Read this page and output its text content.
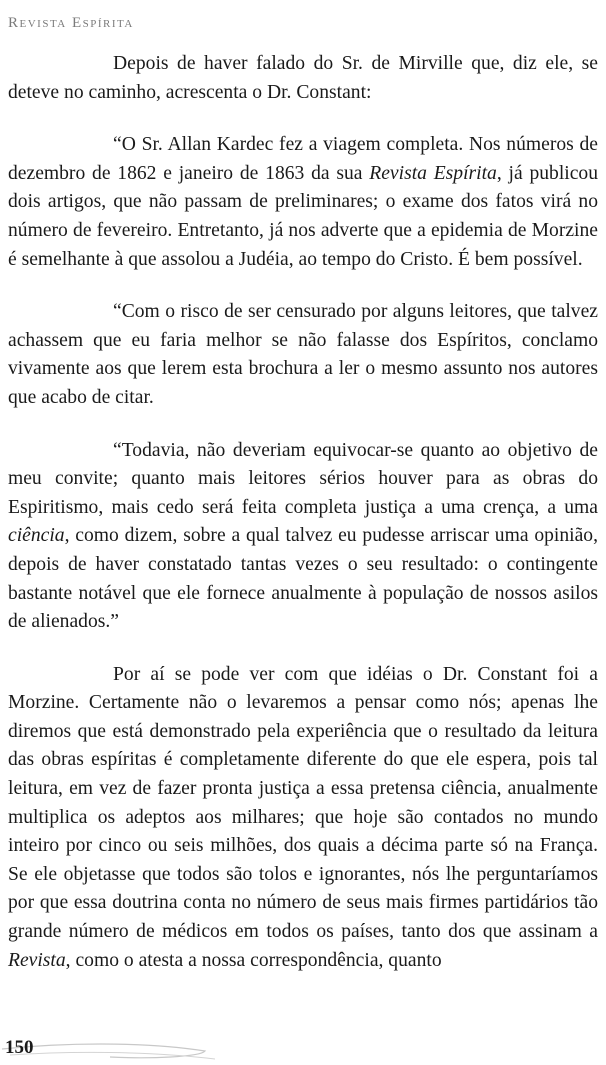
Revista Espírita

Depois de haver falado do Sr. de Mirville que, diz ele, se deteve no caminho, acrescenta o Dr. Constant:

“O Sr. Allan Kardec fez a viagem completa. Nos números de dezembro de 1862 e janeiro de 1863 da sua Revista Espírita, já publicou dois artigos, que não passam de preliminares; o exame dos fatos virá no número de fevereiro. Entretanto, já nos adverte que a epidemia de Morzine é semelhante à que assolou a Judéia, ao tempo do Cristo. É bem possível.

“Com o risco de ser censurado por alguns leitores, que talvez achassem que eu faria melhor se não falasse dos Espíritos, conclamo vivamente aos que lerem esta brochura a ler o mesmo assunto nos autores que acabo de citar.

“Todavia, não deveriam equivocar-se quanto ao objetivo de meu convite; quanto mais leitores sérios houver para as obras do Espiritismo, mais cedo será feita completa justiça a uma crença, a uma ciência, como dizem, sobre a qual talvez eu pudesse arriscar uma opinião, depois de haver constatado tantas vezes o seu resultado: o contingente bastante notável que ele fornece anualmente à população de nossos asilos de alienados.”

Por aí se pode ver com que idéias o Dr. Constant foi a Morzine. Certamente não o levaremos a pensar como nós; apenas lhe diremos que está demonstrado pela experiência que o resultado da leitura das obras espíritas é completamente diferente do que ele espera, pois tal leitura, em vez de fazer pronta justiça a essa pretensa ciência, anualmente multiplica os adeptos aos milhares; que hoje são contados no mundo inteiro por cinco ou seis milhões, dos quais a décima parte só na França. Se ele objetasse que todos são tolos e ignorantes, nós lhe perguntaríamos por que essa doutrina conta no número de seus mais firmes partidários tão grande número de médicos em todos os países, tanto dos que assinam a Revista, como o atesta a nossa correspondência, quanto

150
